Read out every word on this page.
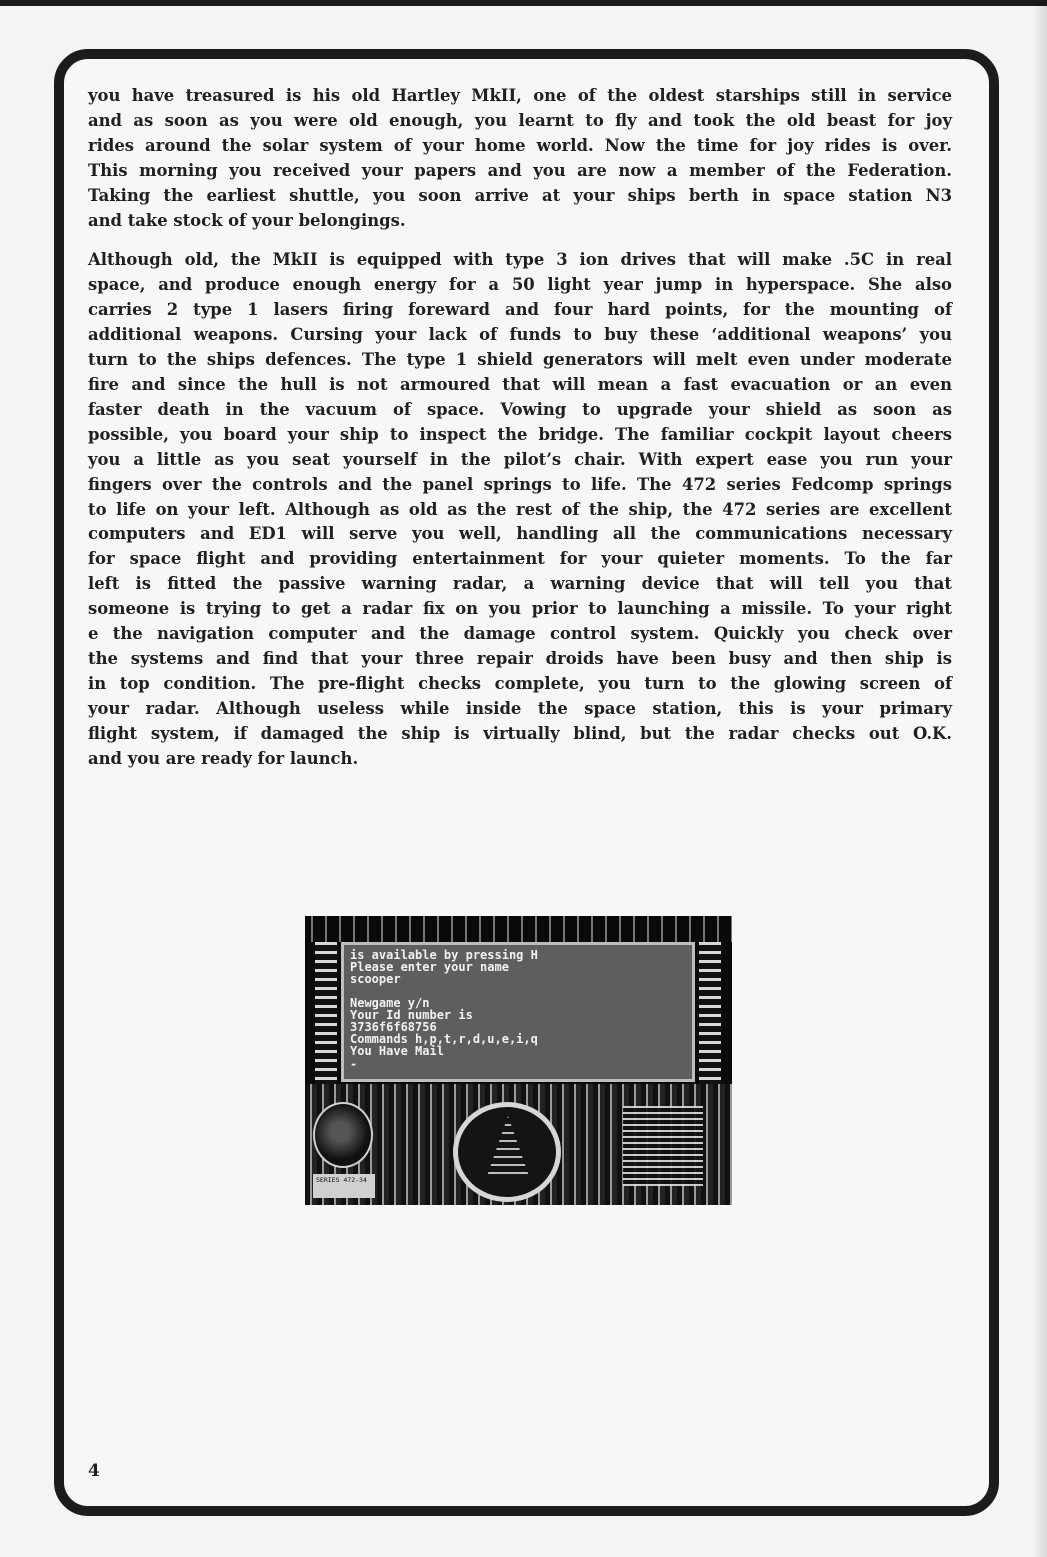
you have treasured is his old Hartley MkII, one of the oldest starships still in service
and as soon as you were old enough, you learnt to fly and took the old beast for joy
rides around the solar system of your home world. Now the time for joy rides is over.
This morning you received your papers and you are now a member of the Federation.
Taking the earliest shuttle, you soon arrive at your ships berth in space station N3
and take stock of your belongings.
Although old, the MkII is equipped with type 3 ion drives that will make .5C in real
space, and produce enough energy for a 50 light year jump in hyperspace. She also
carries 2 type 1 lasers firing foreward and four hard points, for the mounting of
additional weapons. Cursing your lack of funds to buy these ‘additional weapons’ you
turn to the ships defences. The type 1 shield generators will melt even under moderate
fire and since the hull is not armoured that will mean a fast evacuation or an even
faster death in the vacuum of space. Vowing to upgrade your shield as soon as
possible, you board your ship to inspect the bridge. The familiar cockpit layout cheers
you a little as you seat yourself in the pilot’s chair. With expert ease you run your
fingers over the controls and the panel springs to life. The 472 series Fedcomp springs
to life on your left. Although as old as the rest of the ship, the 472 series are excellent
computers and ED1 will serve you well, handling all the communications necessary
for space flight and providing entertainment for your quieter moments. To the far
left is fitted the passive warning radar, a warning device that will tell you that
someone is trying to get a radar fix on you prior to launching a missile. To your right
e the navigation computer and the damage control system. Quickly you check over
the systems and find that your three repair droids have been busy and then ship is
in top condition. The pre-flight checks complete, you turn to the glowing screen of
your radar. Although useless while inside the space station, this is your primary
flight system, if damaged the ship is virtually blind, but the radar checks out O.K.
and you are ready for launch.
is available by pressing H
Please enter your name
scooper
Newgame y/n
Your Id number is
3736f6f68756
Commands h,p,t,r,d,u,e,i,q
You Have Mail
-
SERIES 472-34
4
